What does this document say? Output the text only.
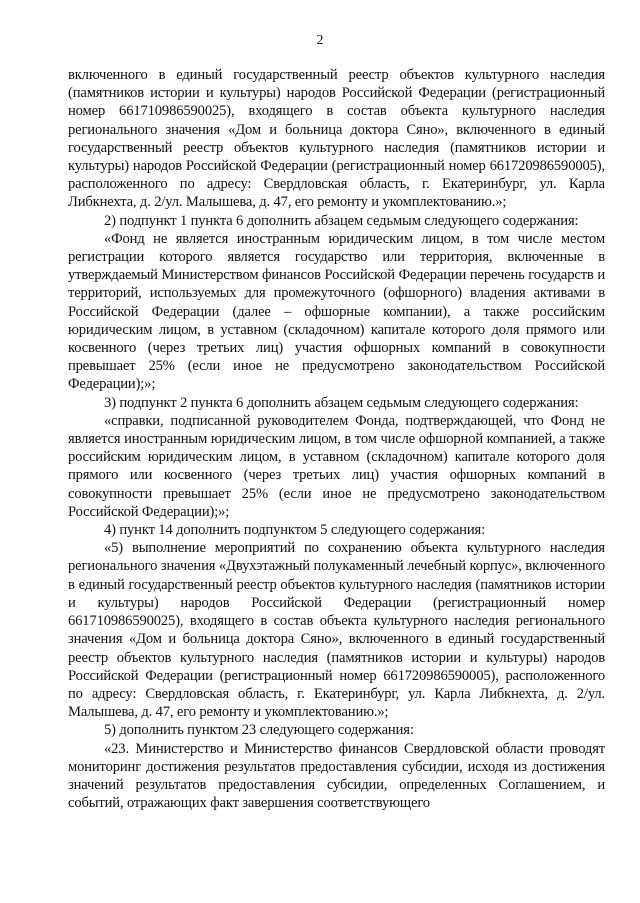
2

включенного в единый государственный реестр объектов культурного наследия (памятников истории и культуры) народов Российской Федерации (регистрационный номер 661710986590025), входящего в состав объекта культурного наследия регионального значения «Дом и больница доктора Сяно», включенного в единый государственный реестр объектов культурного наследия (памятников истории и культуры) народов Российской Федерации (регистрационный номер 661720986590005), расположенного по адресу: Свердловская область, г. Екатеринбург, ул. Карла Либкнехта, д. 2/ул. Малышева, д. 47, его ремонту и укомплектованию.»;

2) подпункт 1 пункта 6 дополнить абзацем седьмым следующего содержания:

«Фонд не является иностранным юридическим лицом, в том числе местом регистрации которого является государство или территория, включенные в утверждаемый Министерством финансов Российской Федерации перечень государств и территорий, используемых для промежуточного (офшорного) владения активами в Российской Федерации (далее – офшорные компании), а также российским юридическим лицом, в уставном (складочном) капитале которого доля прямого или косвенного (через третьих лиц) участия офшорных компаний в совокупности превышает 25% (если иное не предусмотрено законодательством Российской Федерации);»;

3) подпункт 2 пункта 6 дополнить абзацем седьмым следующего содержания:

«справки, подписанной руководителем Фонда, подтверждающей, что Фонд не является иностранным юридическим лицом, в том числе офшорной компанией, а также российским юридическим лицом, в уставном (складочном) капитале которого доля прямого или косвенного (через третьих лиц) участия офшорных компаний в совокупности превышает 25% (если иное не предусмотрено законодательством Российской Федерации);»;

4) пункт 14 дополнить подпунктом 5 следующего содержания:

«5) выполнение мероприятий по сохранению объекта культурного наследия регионального значения «Двухэтажный полукаменный лечебный корпус», включенного в единый государственный реестр объектов культурного наследия (памятников истории и культуры) народов Российской Федерации (регистрационный номер 661710986590025), входящего в состав объекта культурного наследия регионального значения «Дом и больница доктора Сяно», включенного в единый государственный реестр объектов культурного наследия (памятников истории и культуры) народов Российской Федерации (регистрационный номер 661720986590005), расположенного по адресу: Свердловская область, г. Екатеринбург, ул. Карла Либкнехта, д. 2/ул. Малышева, д. 47, его ремонту и укомплектованию.»;

5) дополнить пунктом 23 следующего содержания:

«23. Министерство и Министерство финансов Свердловской области проводят мониторинг достижения результатов предоставления субсидии, исходя из достижения значений результатов предоставления субсидии, определенных Соглашением, и событий, отражающих факт завершения соответствующего
